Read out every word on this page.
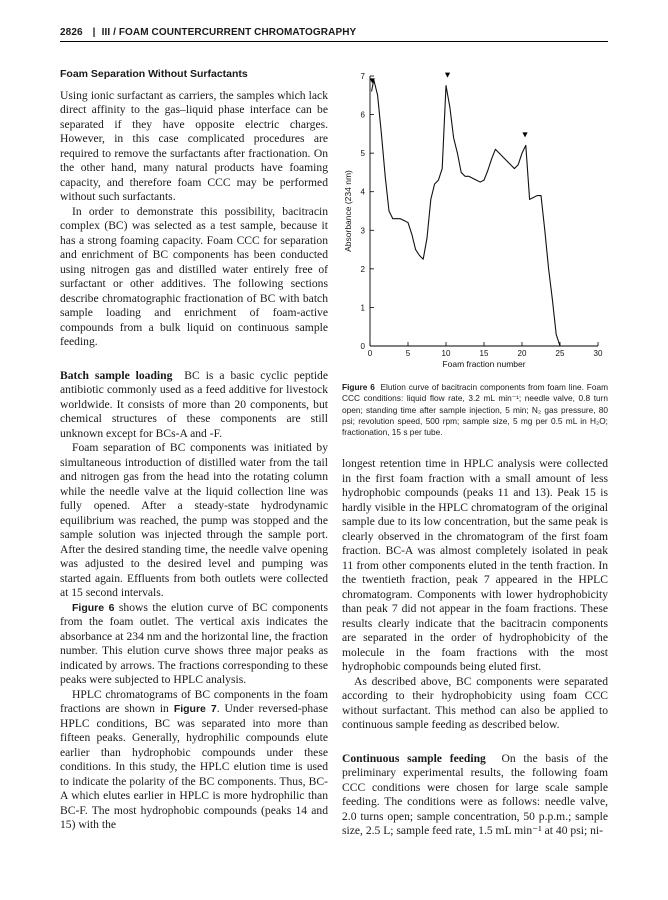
2826 | III / FOAM COUNTERCURRENT CHROMATOGRAPHY
Foam Separation Without Surfactants

Using ionic surfactant as carriers, the samples which lack direct affinity to the gas–liquid phase interface can be separated if they have opposite electric charges. However, in this case complicated procedures are required to remove the surfactants after fractionation. On the other hand, many natural products have foaming capacity, and therefore foam CCC may be performed without such surfactants.

In order to demonstrate this possibility, bacitracin complex (BC) was selected as a test sample, because it has a strong foaming capacity. Foam CCC for separation and enrichment of BC components has been conducted using nitrogen gas and distilled water entirely free of surfactant or other additives. The following sections describe chromatographic fractionation of BC with batch sample loading and enrichment of foam-active compounds from a bulk liquid on continuous sample feeding.

Batch sample loading BC is a basic cyclic peptide antibiotic commonly used as a feed additive for livestock worldwide. It consists of more than 20 components, but chemical structures of these components are still unknown except for BCs-A and -F.

Foam separation of BC components was initiated by simultaneous introduction of distilled water from the tail and nitrogen gas from the head into the rotating column while the needle valve at the liquid collection line was fully opened. After a steady-state hydrodynamic equilibrium was reached, the pump was stopped and the sample solution was injected through the sample port. After the desired standing time, the needle valve opening was adjusted to the desired level and pumping was started again. Effluents from both outlets were collected at 15 second intervals.

Figure 6 shows the elution curve of BC components from the foam outlet. The vertical axis indicates the absorbance at 234 nm and the horizontal line, the fraction number. This elution curve shows three major peaks as indicated by arrows. The fractions corresponding to these peaks were subjected to HPLC analysis.

HPLC chromatograms of BC components in the foam fractions are shown in Figure 7. Under reversed-phase HPLC conditions, BC was separated into more than fifteen peaks. Generally, hydrophilic compounds elute earlier than hydrophobic compounds under these conditions. In this study, the HPLC elution time is used to indicate the polarity of the BC components. Thus, BC-A which elutes earlier in HPLC is more hydrophilic than BC-F. The most hydrophobic compounds (peaks 14 and 15) with the

0
1
2
3
4
5
6
7
0	5	10	15	20	25	30
Foam fraction number
Absorbance (234 nm)
Figure 6 Elution curve of bacitracin components from foam line. Foam CCC conditions: liquid flow rate, 3.2 mL min⁻¹; needle valve, 0.8 turn open; standing time after sample injection, 5 min; N₂ gas pressure, 80 psi; revolution speed, 500 rpm; sample size, 5 mg per 0.5 mL in H₂O; fractionation, 15 s per tube.

longest retention time in HPLC analysis were collected in the first foam fraction with a small amount of less hydrophobic compounds (peaks 11 and 13). Peak 15 is hardly visible in the HPLC chromatogram of the original sample due to its low concentration, but the same peak is clearly observed in the chromatogram of the first foam fraction. BC-A was almost completely isolated in peak 11 from other components eluted in the tenth fraction. In the twentieth fraction, peak 7 appeared in the HPLC chromatogram. Components with lower hydrophobicity than peak 7 did not appear in the foam fractions. These results clearly indicate that the bacitracin components are separated in the order of hydrophobicity of the molecule in the foam fractions with the most hydrophobic compounds being eluted first.

As described above, BC components were separated according to their hydrophobicity using foam CCC without surfactant. This method can also be applied to continuous sample feeding as described below.

Continuous sample feeding On the basis of the preliminary experimental results, the following foam CCC conditions were chosen for large scale sample feeding. The conditions were as follows: needle valve, 2.0 turns open; sample concentration, 50 p.p.m.; sample size, 2.5 L; sample feed rate, 1.5 mL min⁻¹ at 40 psi; ni-
